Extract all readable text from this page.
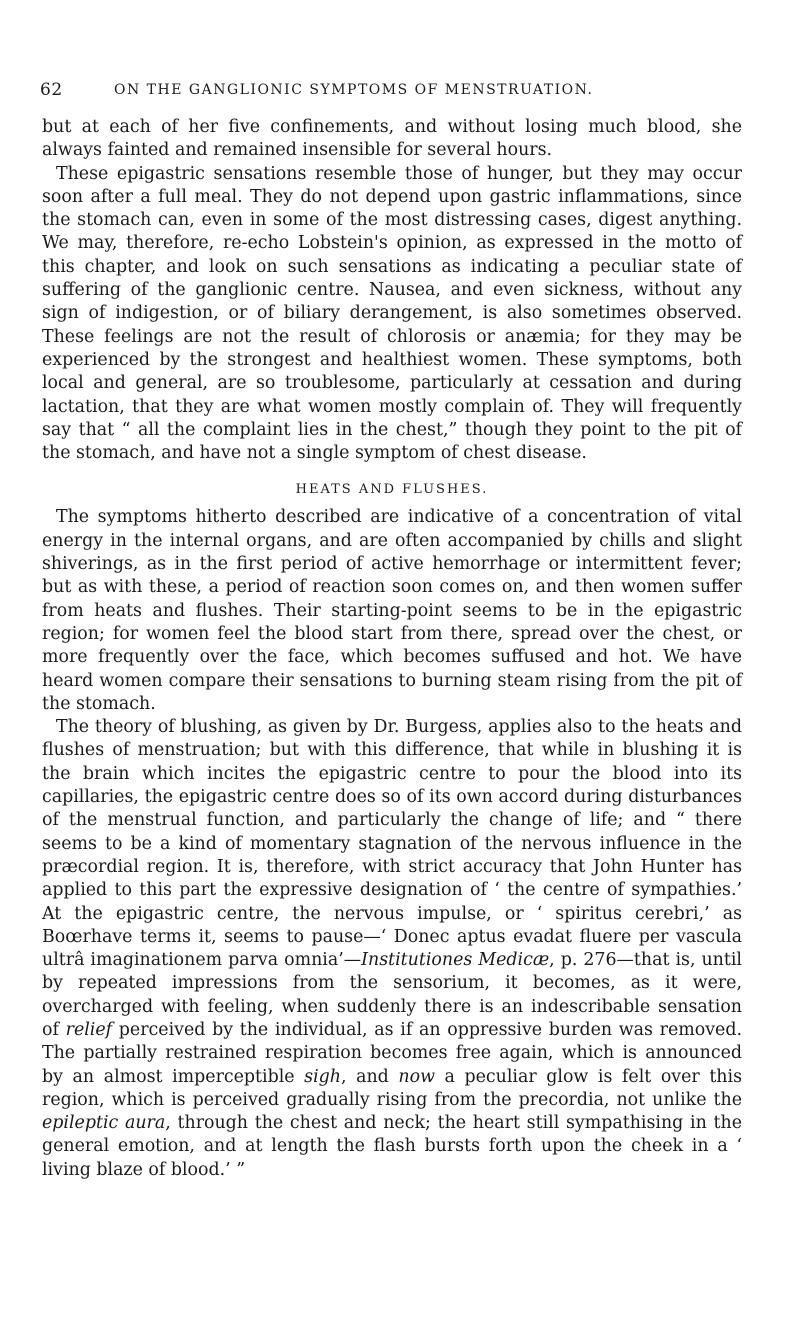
62	ON THE GANGLIONIC SYMPTOMS OF MENSTRUATION.

but at each of her five confinements, and without losing much blood, she always fainted and remained insensible for several hours.

These epigastric sensations resemble those of hunger, but they may occur soon after a full meal. They do not depend upon gastric inflammations, since the stomach can, even in some of the most distressing cases, digest anything. We may, therefore, re-echo Lobstein's opinion, as expressed in the motto of this chapter, and look on such sensations as indicating a peculiar state of suffering of the ganglionic centre. Nausea, and even sickness, without any sign of indigestion, or of biliary derangement, is also sometimes observed. These feelings are not the result of chlorosis or anæmia; for they may be experienced by the strongest and healthiest women. These symptoms, both local and general, are so troublesome, particularly at cessation and during lactation, that they are what women mostly complain of. They will frequently say that “ all the complaint lies in the chest,” though they point to the pit of the stomach, and have not a single symptom of chest disease.

HEATS AND FLUSHES.

The symptoms hitherto described are indicative of a concentration of vital energy in the internal organs, and are often accompanied by chills and slight shiverings, as in the first period of active hemorrhage or intermittent fever; but as with these, a period of reaction soon comes on, and then women suffer from heats and flushes. Their starting-point seems to be in the epigastric region; for women feel the blood start from there, spread over the chest, or more frequently over the face, which becomes suffused and hot. We have heard women compare their sensations to burning steam rising from the pit of the stomach.

The theory of blushing, as given by Dr. Burgess, applies also to the heats and flushes of menstruation; but with this difference, that while in blushing it is the brain which incites the epigastric centre to pour the blood into its capillaries, the epigastric centre does so of its own accord during disturbances of the menstrual function, and particularly the change of life; and “ there seems to be a kind of momentary stagnation of the nervous influence in the præcordial region. It is, therefore, with strict accuracy that John Hunter has applied to this part the expressive designation of ‘ the centre of sympathies.’ At the epigastric centre, the nervous impulse, or ‘ spiritus cerebri,’ as Boœrhave terms it, seems to pause—‘ Donec aptus evadat fluere per vascula ultrâ imaginationem parva omnia’—Institutiones Medicæ, p. 276—that is, until by repeated impressions from the sensorium, it becomes, as it were, overcharged with feeling, when suddenly there is an indescribable sensation of relief perceived by the individual, as if an oppressive burden was removed. The partially restrained respiration becomes free again, which is announced by an almost imperceptible sigh, and now a peculiar glow is felt over this region, which is perceived gradually rising from the precordia, not unlike the epileptic aura, through the chest and neck; the heart still sympathising in the general emotion, and at length the flash bursts forth upon the cheek in a ‘ living blaze of blood.’ ”
